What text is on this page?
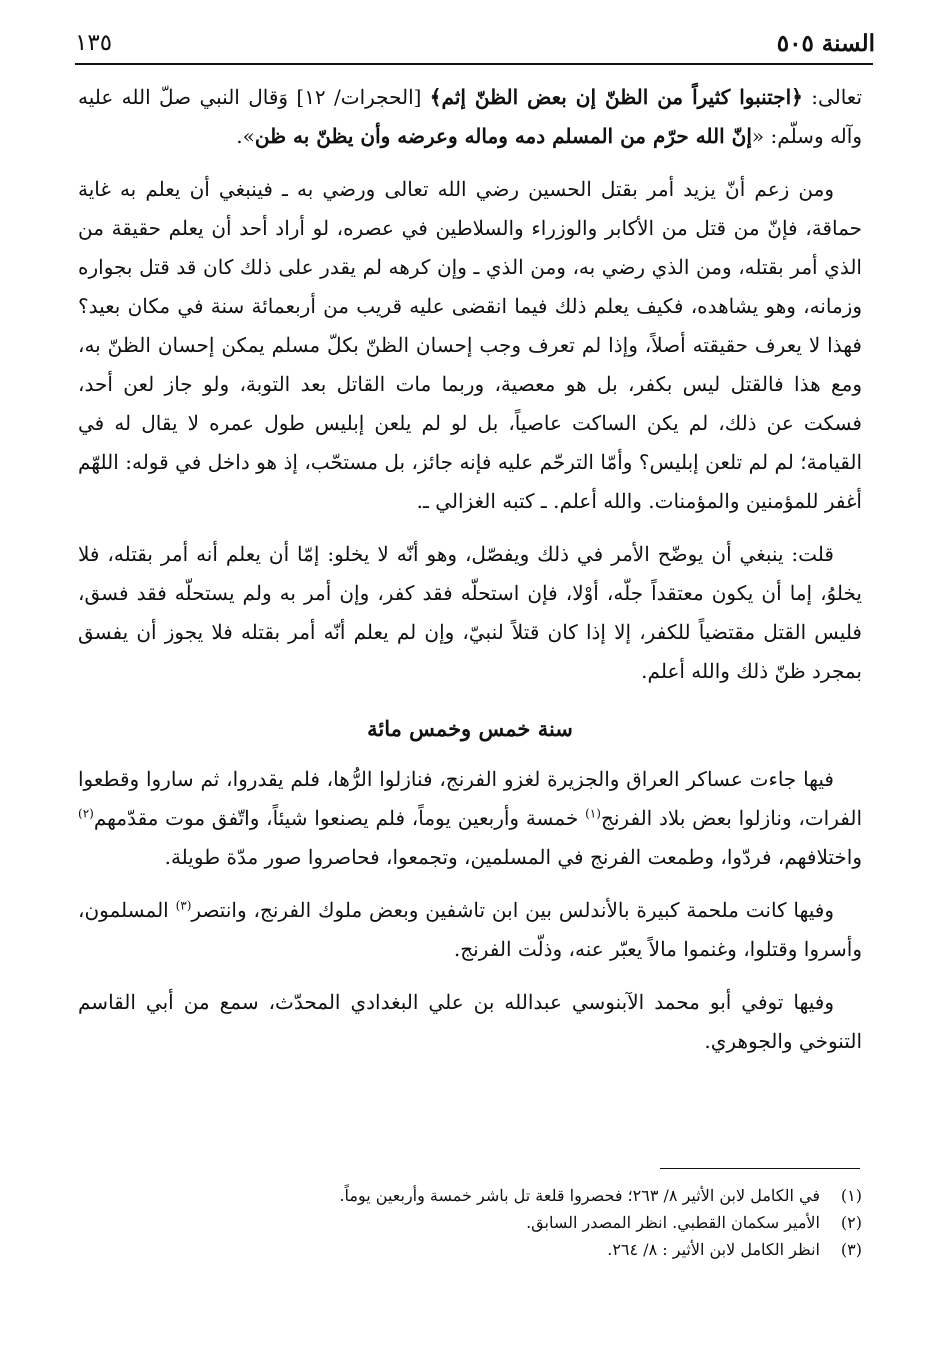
السنة ٥٠٥
١٣٥

تعالى: ﴿اجتنبوا كثيراً من الظنّ إن بعض الظنّ إثم﴾ [الحجرات/ ١٢] وَقال النبي صلّ الله عليه وآله وسلّم: «إنّ الله حرّم من المسلم دمه وماله وعرضه وأن يظنّ به ظن».

ومن زعم أنّ يزيد أمر بقتل الحسين رضي الله تعالى ورضي به ـ فينبغي أن يعلم به غاية حماقة، فإنّ من قتل من الأكابر والوزراء والسلاطين في عصره، لو أراد أحد أن يعلم حقيقة من الذي أمر بقتله، ومن الذي رضي به، ومن الذي ـ وإن كرهه لم يقدر على ذلك كان قد قتل بجواره وزمانه، وهو يشاهده، فكيف يعلم ذلك فيما انقضى عليه قريب من أربعمائة سنة في مكان بعيد؟ فهذا لا يعرف حقيقته أصلاً، وإذا لم تعرف وجب إحسان الظنّ بكلّ مسلم يمكن إحسان الظنّ به، ومع هذا فالقتل ليس بكفر، بل هو معصية، وربما مات القاتل بعد التوبة، ولو جاز لعن أحد، فسكت عن ذلك، لم يكن الساكت عاصياً، بل لو لم يلعن إبليس طول عمره لا يقال له في القيامة؛ لم لم تلعن إبليس؟ وأمّا الترحّم عليه فإنه جائز، بل مستحّب، إذ هو داخل في قوله: اللهّم أغفر للمؤمنين والمؤمنات. والله أعلم. ـ كتبه الغزالي ـ.

قلت: ينبغي أن يوضّح الأمر في ذلك ويفصّل، وهو أنّه لا يخلو: إمّا أن يعلم أنه أمر بقتله، فلا يخلوُ، إما أن يكون معتقداً جلّه، أوْلا، فإن استحلّه فقد كفر، وإن أمر به ولم يستحلّه فقد فسق، فليس القتل مقتضياً للكفر، إلا إذا كان قتلاً لنبيّ، وإن لم يعلم أنّه أمر بقتله فلا يجوز أن يفسق بمجرد ظنّ ذلك والله أعلم.

سنة خمس وخمس مائة

فيها جاءت عساكر العراق والجزيرة لغزو الفرنج، فنازلوا الرُّها، فلم يقدروا، ثم ساروا وقطعوا الفرات، ونازلوا بعض بلاد الفرنج$^{(١)}$ خمسة وأربعين يوماً، فلم يصنعوا شيئاً، واتّفق موت مقدّمهم$^{(٢)}$ واختلافهم، فردّوا، وطمعت الفرنج في المسلمين، وتجمعوا، فحاصروا صور مدّة طويلة.

وفيها كانت ملحمة كبيرة بالأندلس بين ابن تاشفين وبعض ملوك الفرنج، وانتصر$^{(٣)}$ المسلمون، وأسروا وقتلوا، وغنموا مالاً يعبّر عنه، وذلّت الفرنج.

وفيها توفي أبو محمد الآبنوسي عبدالله بن علي البغدادي المحدّث، سمع من أبي القاسم التنوخي والجوهري.

(١)
في الكامل لابن الأثير ٨/ ٢٦٣؛ فحصروا قلعة تل باشر خمسة وأربعين يوماً.
(٢)
الأمير سكمان القطبي. انظر المصدر السابق.
(٣)
انظر الكامل لابن الأثير : ٨/ ٢٦٤.
